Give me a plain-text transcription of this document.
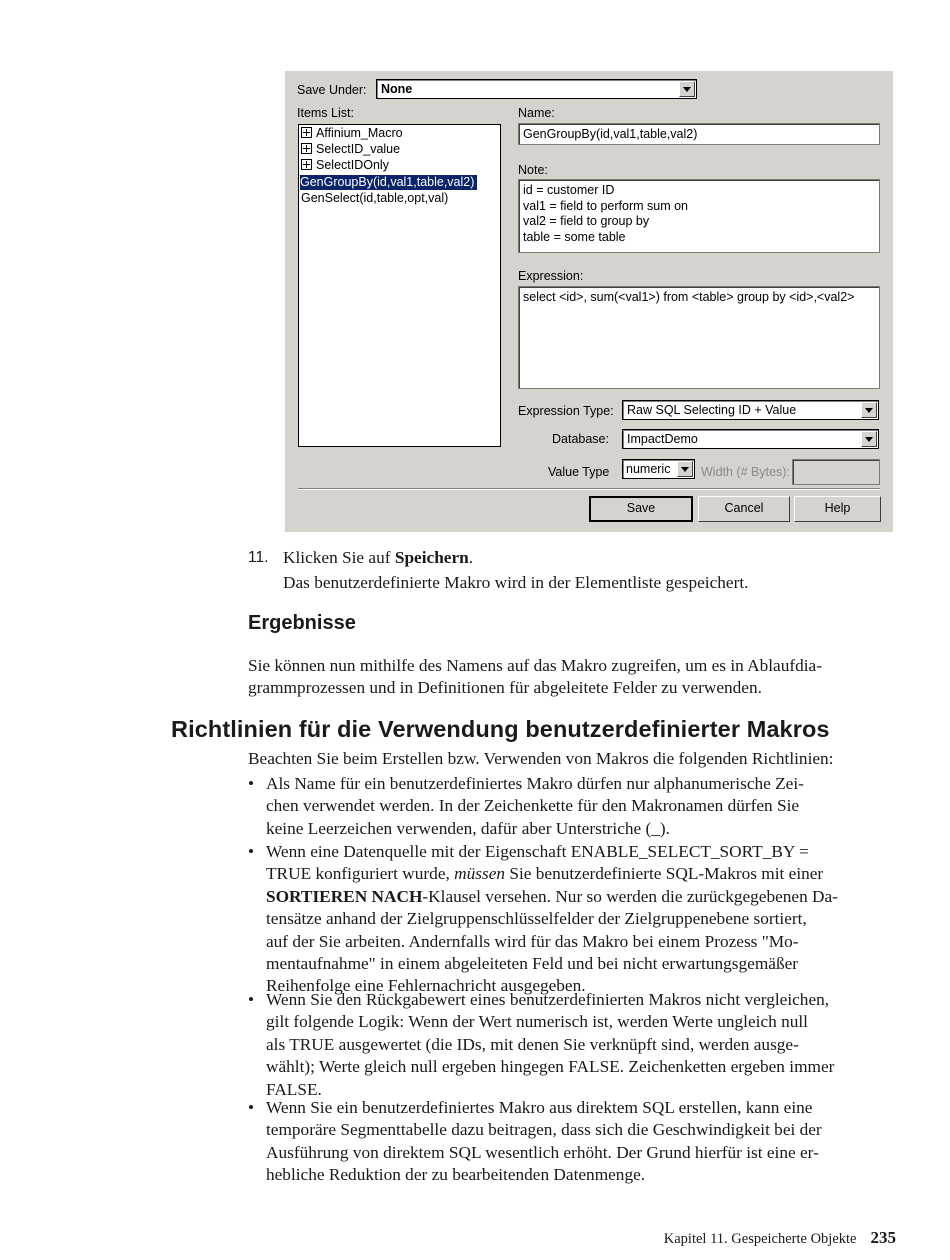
Save Under: None
Items List:
Affinium_Macro
SelectID_value
SelectIDOnly
GenGroupBy(id,val1,table,val2)
GenSelect(id,table,opt,val)
Name:
GenGroupBy(id,val1,table,val2)
Note:
id = customer ID
val1 = field to perform sum on
val2 = field to group by
table = some table
Expression:
select <id>, sum(<val1>) from <table> group by <id>,<val2>
Expression Type: Raw SQL Selecting ID + Value
Database: ImpactDemo
Value Type numeric Width (# Bytes):
Save	Cancel	Help
11. Klicken Sie auf Speichern.
Das benutzerdefinierte Makro wird in der Elementliste gespeichert.
Ergebnisse
Sie können nun mithilfe des Namens auf das Makro zugreifen, um es in Ablaufdia-
grammprozessen und in Definitionen für abgeleitete Felder zu verwenden.
Richtlinien für die Verwendung benutzerdefinierter Makros
Beachten Sie beim Erstellen bzw. Verwenden von Makros die folgenden Richtlinien:
• Als Name für ein benutzerdefiniertes Makro dürfen nur alphanumerische Zei-

chen verwendet werden. In der Zeichenkette für den Makronamen dürfen Sie

keine Leerzeichen verwenden, dafür aber Unterstriche (_).

• Wenn eine Datenquelle mit der Eigenschaft ENABLE_SELECT_SORT_BY =

TRUE konfiguriert wurde, müssen Sie benutzerdefinierte SQL-Makros mit einer

SORTIEREN NACH-Klausel versehen. Nur so werden die zurückgegebenen Da-

tensätze anhand der Zielgruppenschlüsselfelder der Zielgruppenebene sortiert,

auf der Sie arbeiten. Andernfalls wird für das Makro bei einem Prozess "Mo-

mentaufnahme" in einem abgeleiteten Feld und bei nicht erwartungsgemäßer

Reihenfolge eine Fehlernachricht ausgegeben.

• Wenn Sie den Rückgabewert eines benutzerdefinierten Makros nicht vergleichen,

gilt folgende Logik: Wenn der Wert numerisch ist, werden Werte ungleich null

als TRUE ausgewertet (die IDs, mit denen Sie verknüpft sind, werden ausge-

wählt); Werte gleich null ergeben hingegen FALSE. Zeichenketten ergeben immer

FALSE.

• Wenn Sie ein benutzerdefiniertes Makro aus direktem SQL erstellen, kann eine

temporäre Segmenttabelle dazu beitragen, dass sich die Geschwindigkeit bei der

Ausführung von direktem SQL wesentlich erhöht. Der Grund hierfür ist eine er-

hebliche Reduktion der zu bearbeitenden Datenmenge.

Kapitel 11. Gespeicherte Objekte 235
